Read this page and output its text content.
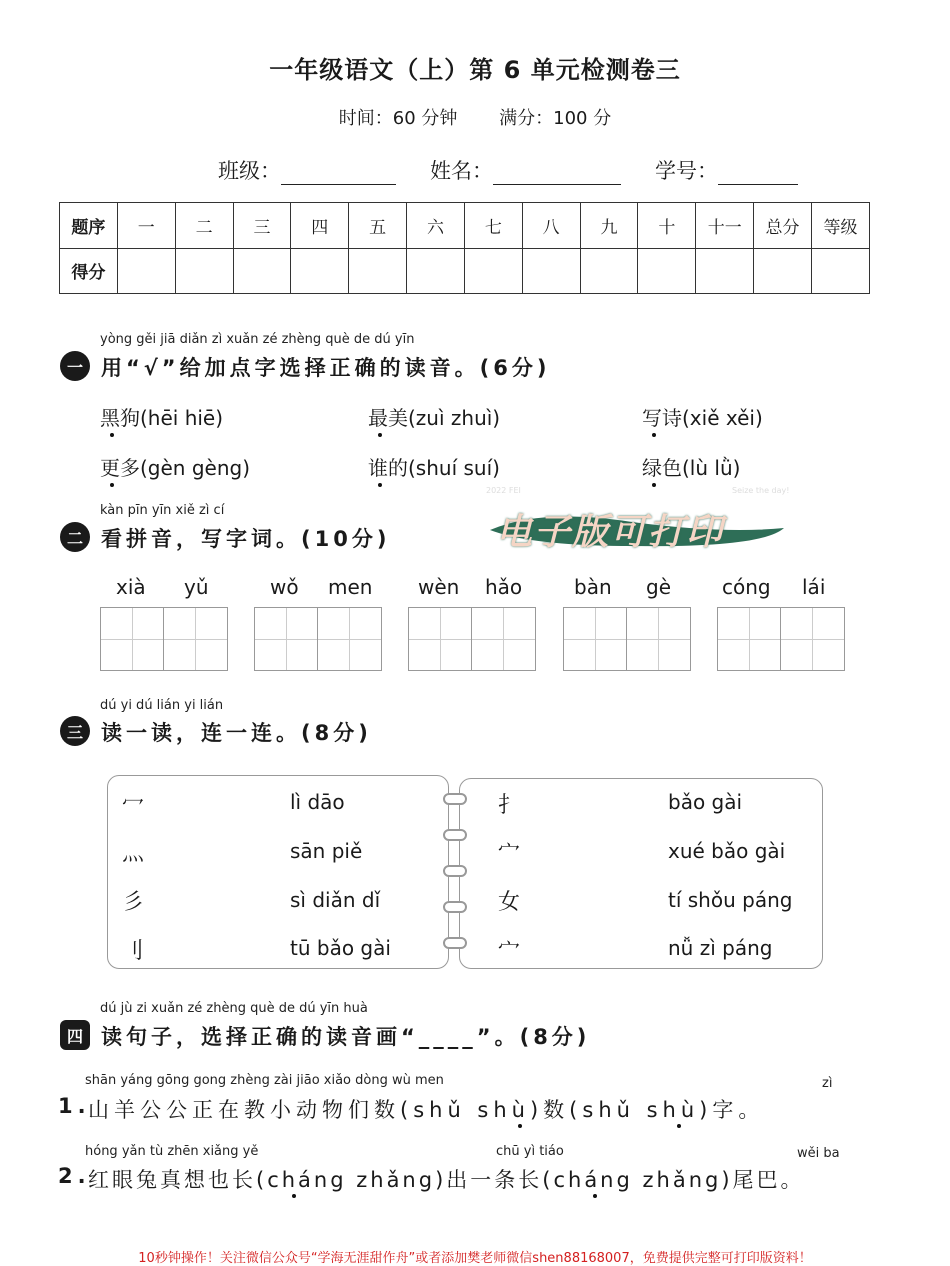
一年级语文（上）第 6 单元检测卷三
时间：60 分钟 满分：100 分
班级：	姓名：	学号：
题序	一	二	三	四	五	六	七	八	九	十	十一	总分	等级
得分													
yòng gěi jiā diǎn zì xuǎn zé zhèng què de dú yīn
一 用“√”给加点字选择正确的读音。(6分)
黑狗(hēi hiē)	最美(zuì zhuì)	写诗(xiě xěi)
更多(gèn gèng)	谁的(shuí suí)	绿色(lù lǜ)
2022 FEI	Seize the day!
电子版可打印
kàn pīn yīn xiě zì cí
二 看拼音，写字词。(10分)
xià yǔ	wǒ men wèn hǎo	bàn gè	cóng lái
dú yi dú lián yi lián
三 读一读，连一连。(8分)
冖
灬
彡
刂
lì dāo
sān piě
sì diǎn dǐ
tū bǎo gài
扌
宀
女
宀
bǎo gài
xué bǎo gài
tí shǒu páng
nǚ zì páng
dú jù zi xuǎn zé zhèng què de dú yīn huà
四 读句子，选择正确的读音画“____”。(8分)
shān yáng gōng gong zhèng zài jiāo xiǎo dòng wù men	zì
1.
山羊公公正在教小动物们数(shǔ shù)数(shǔ shù)字。
hóng yǎn tù zhēn xiǎng yě	chū yì tiáo	wěi ba
2.
红眼兔真想也长(cháng zhǎng)出一条长(cháng zhǎng)尾巴。
10秒钟操作！关注微信公众号“学海无涯甜作舟”或者添加樊老师微信shen88168007，免费提供完整可打印版资料！
